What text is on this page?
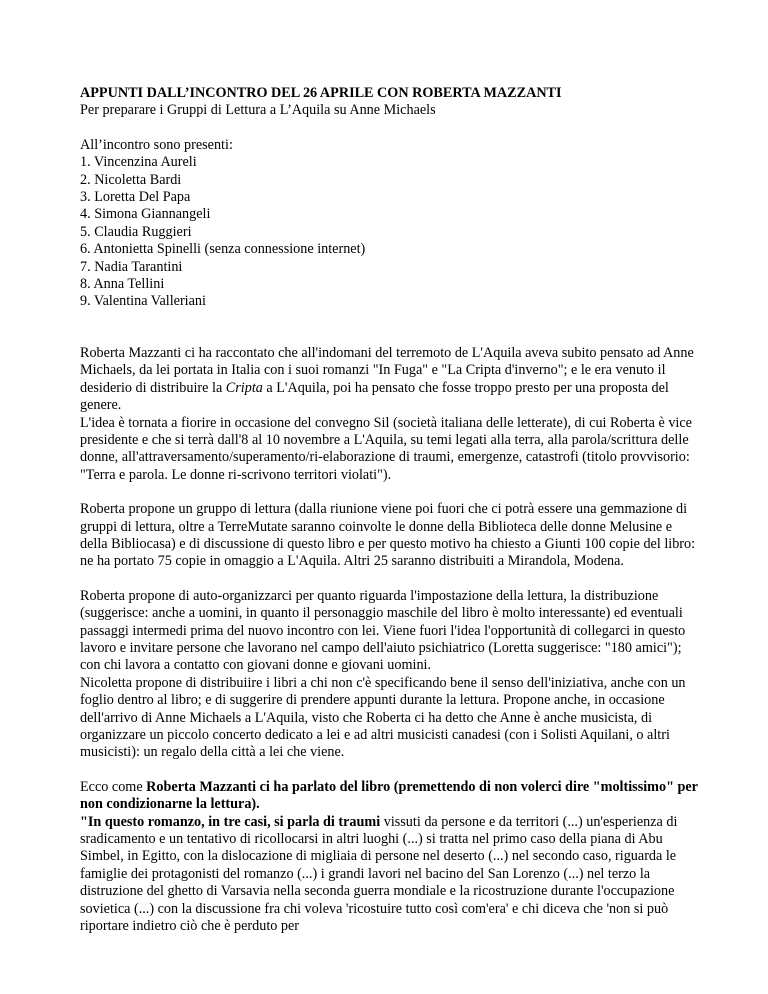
APPUNTI DALL’INCONTRO DEL 26 APRILE CON ROBERTA MAZZANTI

Per preparare i Gruppi di Lettura a L’Aquila su Anne Michaels

All’incontro sono presenti:

1. Vincenzina Aureli
2. Nicoletta Bardi
3. Loretta Del Papa
4. Simona Giannangeli
5. Claudia Ruggieri
6. Antonietta Spinelli (senza connessione internet)
7. Nadia Tarantini
8. Anna Tellini
9. Valentina Valleriani

Roberta Mazzanti ci ha raccontato che all'indomani del terremoto de L'Aquila aveva subito pensato ad Anne Michaels, da lei portata in Italia con i suoi romanzi "In Fuga" e "La Cripta d'inverno"; e le era venuto il desiderio di distribuire la Cripta a L'Aquila, poi ha pensato che fosse troppo presto per una proposta del genere.

L'idea è tornata a fiorire in occasione del convegno Sil (società italiana delle letterate), di cui Roberta è vice presidente e che si terrà dall'8 al 10 novembre a L'Aquila, su temi legati alla terra, alla parola/scrittura delle donne, all'attraversamento/superamento/ri-elaborazione di traumi, emergenze, catastrofi (titolo provvisorio: "Terra e parola. Le donne ri-scrivono territori violati").

Roberta propone un gruppo di lettura (dalla riunione viene poi fuori che ci potrà essere una gemmazione di gruppi di lettura, oltre a TerreMutate saranno coinvolte le donne della Biblioteca delle donne Melusine e della Bibliocasa) e di discussione di questo libro e per questo motivo ha chiesto a Giunti 100 copie del libro: ne ha portato 75 copie in omaggio a L'Aquila. Altri 25 saranno distribuiti a Mirandola, Modena.

Roberta propone di auto-organizzarci per quanto riguarda l'impostazione della lettura, la distribuzione (suggerisce: anche a uomini, in quanto il personaggio maschile del libro è molto interessante) ed eventuali passaggi intermedi prima del nuovo incontro con lei. Viene fuori l'idea l'opportunità di collegarci in questo lavoro e invitare persone che lavorano nel campo dell'aiuto psichiatrico (Loretta suggerisce: "180 amici"); con chi lavora a contatto con giovani donne e giovani uomini.

Nicoletta propone di distribuiire i libri a chi non c'è specificando bene il senso dell'iniziativa, anche con un foglio dentro al libro; e di suggerire di prendere appunti durante la lettura. Propone anche, in occasione dell'arrivo di Anne Michaels a L'Aquila, visto che Roberta ci ha detto che Anne è anche musicista, di organizzare un piccolo concerto dedicato a lei e ad altri musicisti canadesi (con i Solisti Aquilani, o altri musicisti): un regalo della città a lei che viene.

Ecco come Roberta Mazzanti ci ha parlato del libro (premettendo di non volerci dire "moltissimo" per non condizionarne la lettura).

"In questo romanzo, in tre casi, si parla di traumi vissuti da persone e da territori (...) un'esperienza di sradicamento e un tentativo di ricollocarsi in altri luoghi (...) si tratta nel primo caso della piana di Abu Simbel, in Egitto, con la dislocazione di migliaia di persone nel deserto (...) nel secondo caso, riguarda le famiglie dei protagonisti del romanzo (...) i grandi lavori nel bacino del San Lorenzo (...) nel terzo la distruzione del ghetto di Varsavia nella seconda guerra mondiale e la ricostruzione durante l'occupazione sovietica (...) con la discussione fra chi voleva 'ricostuire tutto così com'era' e chi diceva che 'non si può riportare indietro ciò che è perduto per
